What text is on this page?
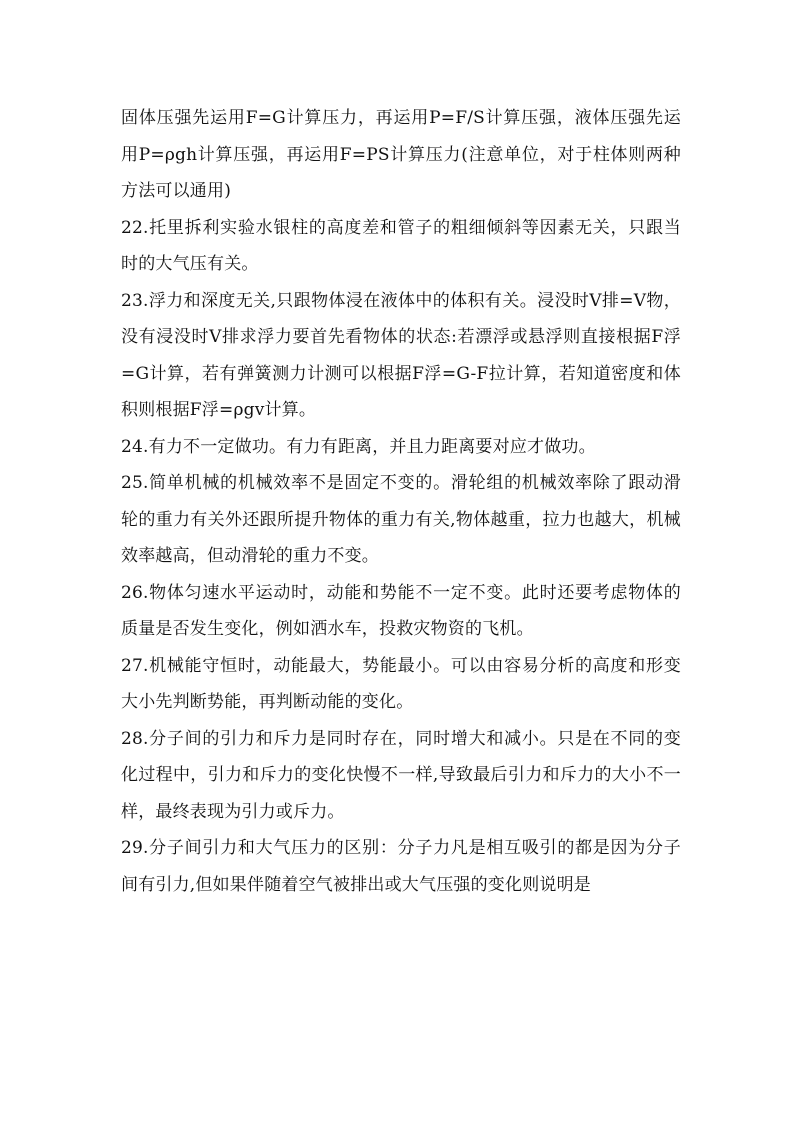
固体压强先运用F=G计算压力，再运用P=F/S计算压强，液体压强先运用P=ρgh计算压强，再运用F=PS计算压力(注意单位，对于柱体则两种方法可以通用)

22.托里拆利实验水银柱的高度差和管子的粗细倾斜等因素无关，只跟当时的大气压有关。

23.浮力和深度无关,只跟物体浸在液体中的体积有关。浸没时V排=V物，没有浸没时V排求浮力要首先看物体的状态:若漂浮或悬浮则直接根据F浮=G计算，若有弹簧测力计测可以根据F浮=G-F拉计算，若知道密度和体积则根据F浮=ρgv计算。

24.有力不一定做功。有力有距离，并且力距离要对应才做功。

25.简单机械的机械效率不是固定不变的。滑轮组的机械效率除了跟动滑轮的重力有关外还跟所提升物体的重力有关,物体越重，拉力也越大，机械效率越高，但动滑轮的重力不变。

26.物体匀速水平运动时，动能和势能不一定不变。此时还要考虑物体的质量是否发生变化，例如洒水车，投救灾物资的飞机。

27.机械能守恒时，动能最大，势能最小。可以由容易分析的高度和形变大小先判断势能，再判断动能的变化。

28.分子间的引力和斥力是同时存在，同时增大和减小。只是在不同的变化过程中，引力和斥力的变化快慢不一样,导致最后引力和斥力的大小不一样，最终表现为引力或斥力。

29.分子间引力和大气压力的区别：分子力凡是相互吸引的都是因为分子间有引力,但如果伴随着空气被排出或大气压强的变化则说明是
